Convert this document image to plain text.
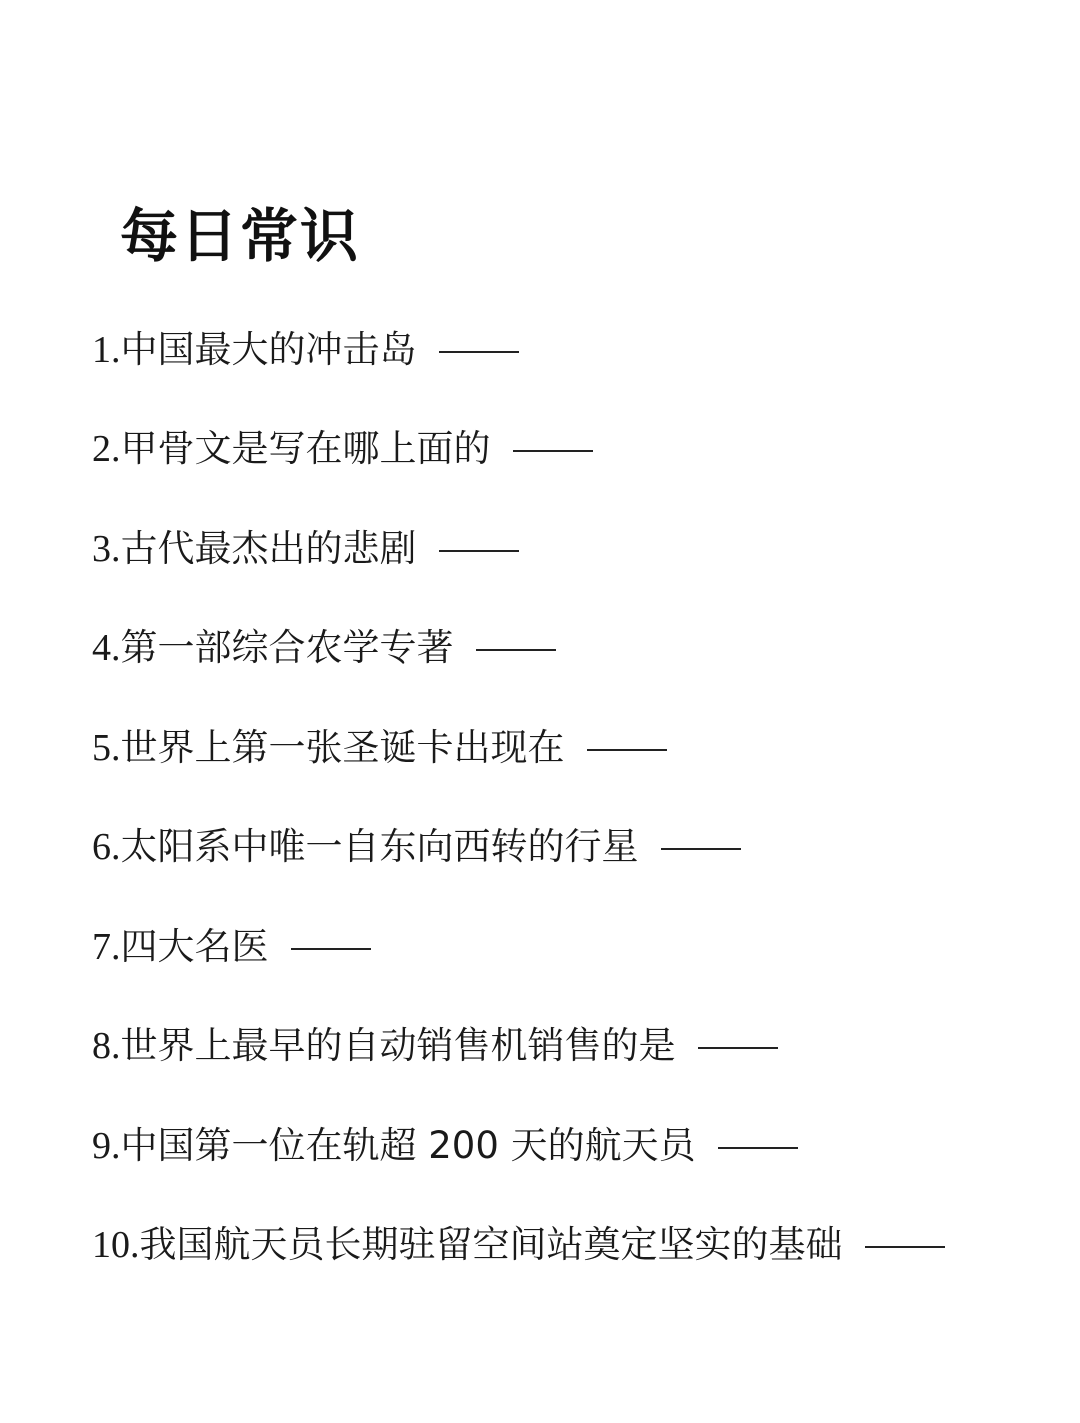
每日常识
1. 中国最大的冲击岛
2. 甲骨文是写在哪上面的
3. 古代最杰出的悲剧
4. 第一部综合农学专著
5. 世界上第一张圣诞卡出现在
6. 太阳系中唯一自东向西转的行星
7. 四大名医
8. 世界上最早的自动销售机销售的是
9. 中国第一位在轨超 200 天的航天员
10. 我国航天员长期驻留空间站奠定坚实的基础
